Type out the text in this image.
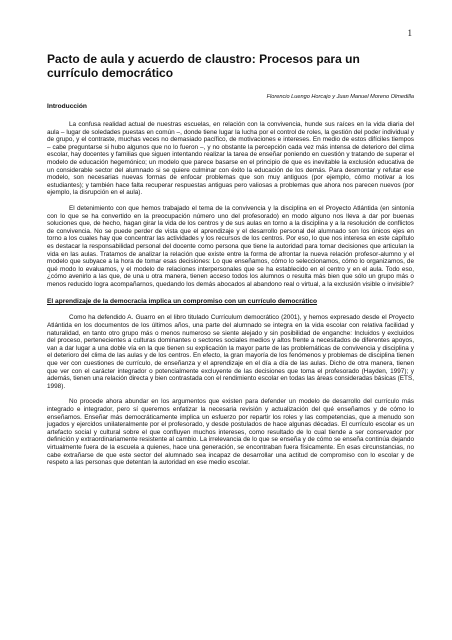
1
Pacto de aula y acuerdo de claustro: Procesos para un currículo democrático
Florencio Luengo Horcajo y Juan Manuel Moreno Olmedilla
Introducción

La confusa realidad actual de nuestras escuelas, en relación con la convivencia, hunde sus raíces en la vida diaria del aula – lugar de soledades puestas en común –, donde tiene lugar la lucha por el control de roles, la gestión del poder individual y de grupo, y el contraste, muchas veces no demasiado pacífico, de motivaciones e intereses. En medio de estos difíciles tiempos – cabe preguntarse si hubo algunos que no lo fueron –, y no obstante la percepción cada vez más intensa de deterioro del clima escolar, hay docentes y familias que siguen intentando realizar la tarea de enseñar poniendo en cuestión y tratando de superar el modelo de educación hegemónico; un modelo que parece basarse en el principio de que es inevitable la exclusión educativa de un considerable sector del alumnado si se quiere culminar con éxito la educación de los demás. Para desmontar y refutar ese modelo, son necesarias nuevas formas de enfocar problemas que son muy antiguos (por ejemplo, cómo motivar a los estudiantes); y también hace falta recuperar respuestas antiguas pero valiosas a problemas que ahora nos parecen nuevos (por ejemplo, la disrupción en el aula).

El detenimiento con que hemos trabajado el tema de la convivencia y la disciplina en el Proyecto Atlántida (en sintonía con lo que se ha convertido en la preocupación número uno del profesorado) en modo alguno nos lleva a dar por buenas soluciones que, de hecho, hagan girar la vida de los centros y de sus aulas en torno a la disciplina y a la resolución de conflictos de convivencia. No se puede perder de vista que el aprendizaje y el desarrollo personal del alumnado son los únicos ejes en torno a los cuales hay que concentrar las actividades y los recursos de los centros. Por eso, lo que nos interesa en este capítulo es destacar la responsabilidad personal del docente como persona que tiene la autoridad para tomar decisiones que articulan la vida en las aulas. Tratamos de analizar la relación que existe entre la forma de afrontar la nueva relación profesor-alumno y el modelo que subyace a la hora de tomar esas decisiones: Lo que enseñamos, cómo lo seleccionamos, cómo lo organizamos, de qué modo lo evaluamos, y el modelo de relaciones interpersonales que se ha establecido en el centro y en el aula. Todo eso, ¿cómo avenirlo a las que, de una u otra manera, tienen acceso todos los alumnos o resulta más bien que sólo un grupo más o menos reducido logra acompañarnos, quedando los demás abocados al abandono real o virtual, a la exclusión visible o invisible?

El aprendizaje de la democracia implica un compromiso con un currículo democrático

Como ha defendido A. Guarro en el libro titulado Currículum democrático (2001), y hemos expresado desde el Proyecto Atlántida en los documentos de los últimos años, una parte del alumnado se integra en la vida escolar con relativa facilidad y naturalidad, en tanto otro grupo más o menos numeroso se siente alejado y sin posibilidad de enganche: Incluidos y excluidos del proceso, pertenecientes a culturas dominantes o sectores sociales medios y altos frente a necesitados de diferentes apoyos, van a dar lugar a una doble vía en la que tienen su explicación la mayor parte de las problemáticas de convivencia y disciplina y el deterioro del clima de las aulas y de los centros. En efecto, la gran mayoría de los fenómenos y problemas de disciplina tienen que ver con cuestiones de currículo, de enseñanza y el aprendizaje en el día a día de las aulas. Dicho de otra manera, tienen que ver con el carácter integrador o potencialmente excluyente de las decisiones que toma el profesorado (Hayden, 1997); y además, tienen una relación directa y bien contrastada con el rendimiento escolar en todas las áreas consideradas básicas (ETS, 1998).

No procede ahora abundar en los argumentos que existen para defender un modelo de desarrollo del currículo más integrado e integrador, pero sí queremos enfatizar la necesaria revisión y actualización del qué enseñamos y de cómo lo enseñamos. Enseñar más democráticamente implica un esfuerzo por repartir los roles y las competencias, que a menudo son jugados y ejercidos unilateralmente por el profesorado, y desde postulados de hace algunas décadas. El currículo escolar es un artefacto social y cultural sobre el que confluyen muchos intereses, como resultado de lo cual tiende a ser conservador por definición y extraordinariamente resistente al cambio. La irrelevancia de lo que se enseña y de cómo se enseña continúa dejando virtualmente fuera de la escuela a quienes, hace una generación, se encontraban fuera físicamente. En esas circunstancias, no cabe extrañarse de que este sector del alumnado sea incapaz de desarrollar una actitud de compromiso con lo escolar y de respeto a las personas que detentan la autoridad en ese medio escolar.
